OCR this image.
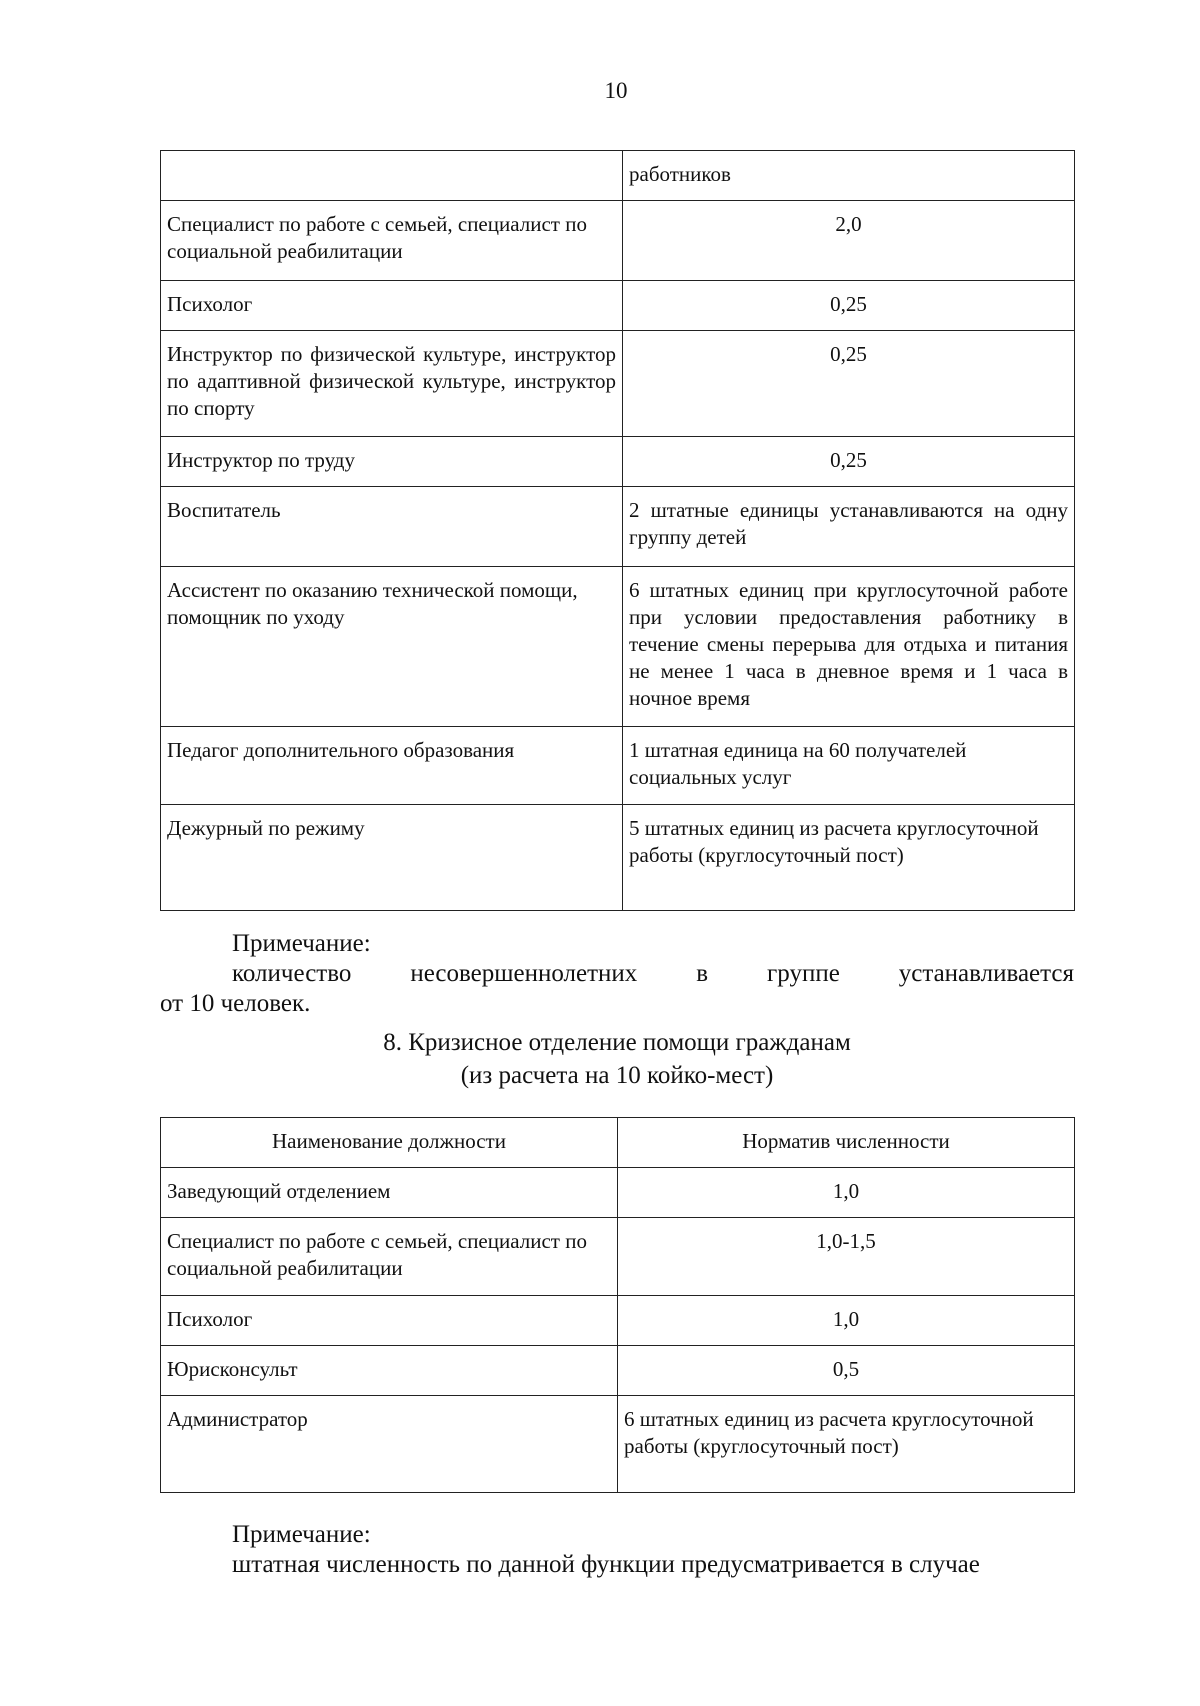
10
	работников
Специалист по работе с семьей, специалист по социальной реабилитации	2,0
Психолог	0,25
Инструктор по физической культуре, инструктор по адаптивной физической культуре, инструктор по спорту	0,25
Инструктор по труду	0,25
Воспитатель	2 штатные единицы устанавливаются на одну группу детей
Ассистент по оказанию технической помощи, помощник по уходу	6 штатных единиц при круглосуточной работе при условии предоставления работнику в течение смены перерыва для отдыха и питания не менее 1 часа в дневное время и 1 часа в ночное время
Педагог дополнительного образования	1 штатная единица на 60 получателей социальных услуг
Дежурный по режиму	5 штатных единиц из расчета круглосуточной работы (круглосуточный пост)
Примечание:
количество несовершеннолетних в группе устанавливается
от 10 человек.
8. Кризисное отделение помощи гражданам
(из расчета на 10 койко-мест)
Наименование должности	Норматив численности
Заведующий отделением	1,0
Специалист по работе с семьей, специалист по социальной реабилитации	1,0-1,5
Психолог	1,0
Юрисконсульт	0,5
Администратор	6 штатных единиц из расчета круглосуточной работы (круглосуточный пост)
Примечание:
штатная численность по данной функции предусматривается в случае
